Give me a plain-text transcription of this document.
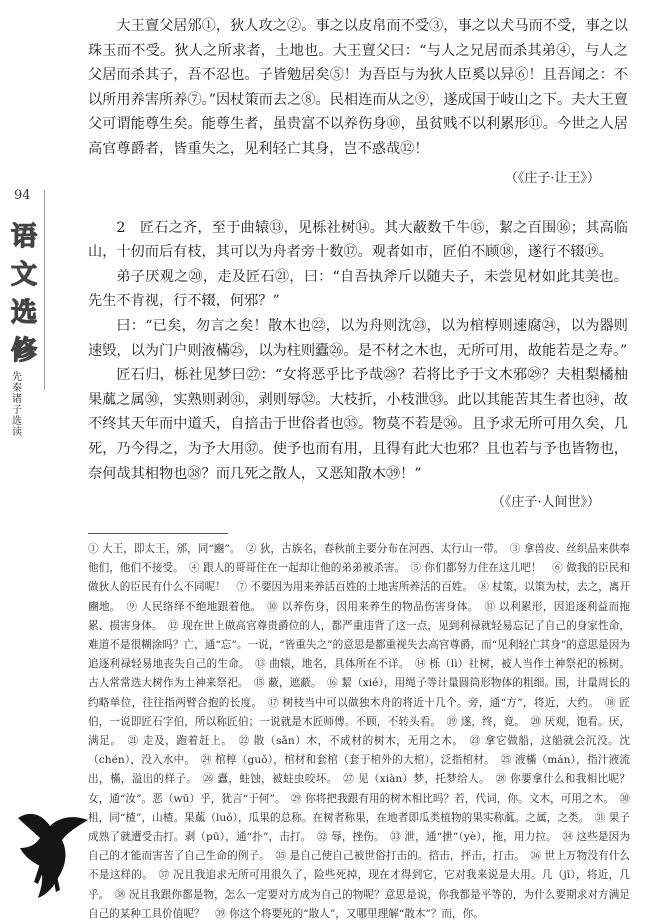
94
语
文
选
修
先秦诸子选读

大王亶父居邠①，狄人攻之②。事之以皮帛而不受③，事之以犬马而不受，事之以珠玉而不受。狄人之所求者，土地也。大王亶父曰：“与人之兄居而杀其弟④，与人之父居而杀其子，吾不忍也。子皆勉居矣⑤！为吾臣与为狄人臣奚以异⑥！且吾闻之：不以所用养害所养⑦。”因杖策而去之⑧。民相连而从之⑨，遂成国于岐山之下。夫大王亶父可谓能尊生矣。能尊生者，虽贵富不以养伤身⑩，虽贫贱不以利累形⑪。今世之人居高官尊爵者，皆重失之，见利轻亡其身，岂不惑哉⑫！

（《庄子·让王》）

2　匠石之齐，至于曲辕⑬，见栎社树⑭。其大蔽数千牛⑮，絜之百围⑯；其高临山，十仞而后有枝，其可以为舟者旁十数⑰。观者如市，匠伯不顾⑱，遂行不辍⑲。

弟子厌观之⑳，走及匠石㉑，曰：“自吾执斧斤以随夫子，未尝见材如此其美也。先生不肯视，行不辍，何邪？”

曰：“已矣，勿言之矣！散木也㉒，以为舟则沈㉓，以为棺椁则速腐㉔，以为器则速毁，以为门户则液樠㉕，以为柱则蠹㉖。是不材之木也，无所可用，故能若是之寿。”

匠石归，栎社见梦曰㉗：“女将恶乎比予哉㉘？若将比予于文木邪㉙？夫柤梨橘柚果蓏之属㉚，实熟则剥㉛，剥则辱㉜。大枝折，小枝泄㉝。此以其能苦其生者也㉞，故不终其天年而中道夭，自掊击于世俗者也㉟。物莫不若是㊱。且予求无所可用久矣，几死，乃今得之，为予大用㊲。使予也而有用，且得有此大也邪？且也若与予也皆物也，奈何哉其相物也㊳？而几死之散人，又恶知散木㊴！”

（《庄子·人间世》）

① 大王，即太王，邠，同“豳”。　② 狄，古族名，春秋前主要分布在河西、太行山一带。　③ 拿兽皮、丝织品来供奉他们，他们不接受。　④ 跟人的哥哥住在一起却让他的弟弟被杀害。　⑤ 你们都努力住在这儿吧！　⑥ 做我的臣民和做狄人的臣民有什么不同呢！　⑦ 不要因为用来养活百姓的土地害所养活的百姓。　⑧ 杖策，以策为杖，去之，离开豳地。　⑨ 人民络绎不绝地跟着他。　⑩ 以养伤身，因用来养生的物品伤害身体。　⑪ 以利累形，因追逐利益而拖累、损害身体。　⑫ 现在世上做高官尊贵爵位的人，都严重违背了这一点，见到利禄就轻易忘记了自己的身家性命，难道不是很糊涂吗？亡，通“忘”。一说，“皆重失之”的意思是都重视失去高官尊爵，而“见利轻亡其身”的意思是因为追逐利禄轻易地丧失自己的生命。　⑬ 曲辕，地名，具体所在不详。　⑭ 栎（lì）社树，被人当作土神祭祀的栎树。古人常常选大树作为土神来祭祀。　⑮ 蔽，遮蔽。　⑯ 絜（xié），用绳子等计量圆筒形物体的粗细。围，计量周长的约略单位，往往指两臂合抱的长度。　⑰ 树枝当中可以做独木舟的将近十几个。旁，通“方”，将近，大约。　⑱ 匠伯，一说即匠石字伯，所以称匠伯；一说就是木匠师傅。不顾，不转头看。　⑲ 遂，终，竟。　⑳ 厌观，饱看。厌，满足。　㉑ 走及，跑着赶上。　㉒ 散（sǎn）木，不成材的树木，无用之木。　㉓ 拿它做船，这船就会沉没。沈（chén），没入水中。　㉔ 棺椁（guǒ），棺材和套棺（套于棺外的大棺），泛指棺材。　㉕ 液樠（mán），指汁液流出，樠，溢出的样子。　㉖ 蠹，蛀蚀，被蛀虫咬坏。　㉗ 见（xiàn）梦，托梦给人。　㉘ 你要拿什么和我相比呢？女，通“汝”。恶（wū）乎，犹言“于何”。　㉙ 你将把我跟有用的树木相比吗？若，代词，你。文木，可用之木。　㉚ 柤，同“楂”，山楂。果蓏（luǒ），瓜果的总称。在树者称果，在地者即瓜类植物的果实称蓏。之属，之类。　㉛ 果子成熟了就遭受击打。剥（pū），通“扑”，击打。　㉜ 辱，挫伤。　㉝ 泄，通“抴”（yè），拖，用力拉。　㉞ 这些是因为自己的才能而害苦了自己生命的例子。　㉟ 是自己使自己被世俗打击的。掊击，抨击，打击。　㊱ 世上万物没有什么不是这样的。　㊲ 况且我追求无所可用很久了，险些死掉，现在才得到它，它对我来说是大用。几（jī），将近，几乎。　㊳ 况且我跟你都是物，怎么一定要对方成为自己的物呢？意思是说，你我都是平等的，为什么要期求对方满足自己的某种工具价值呢？　㊴ 你这个将要死的“散人”，又哪里理解“散木”？而，你。
